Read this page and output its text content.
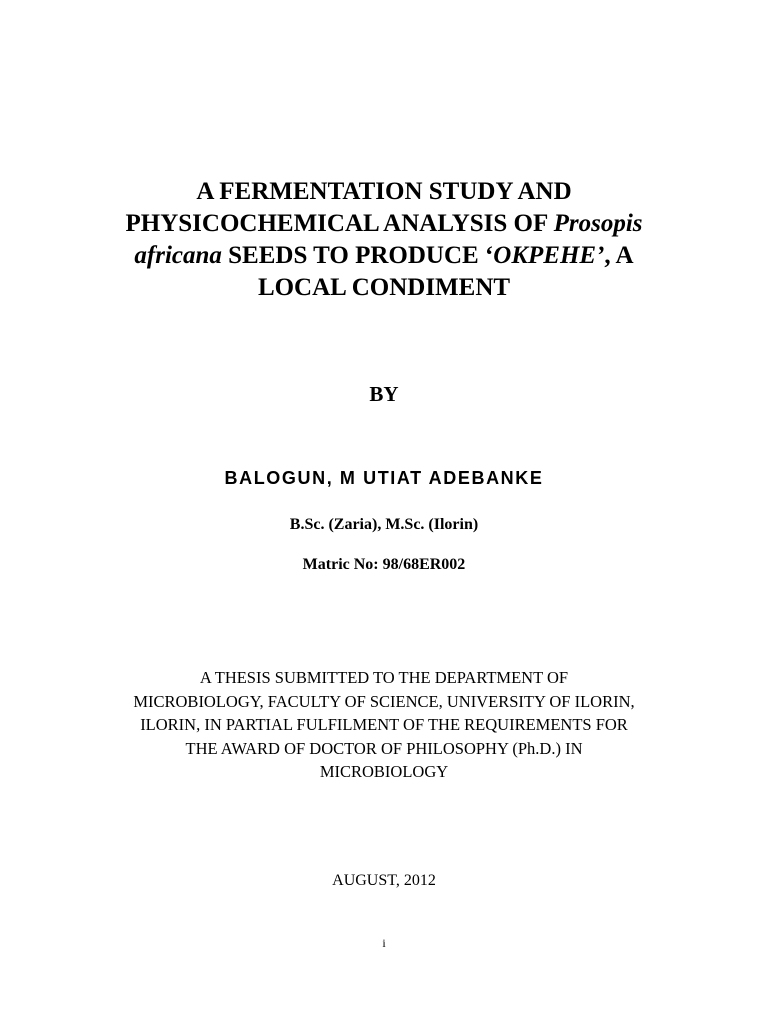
A FERMENTATION STUDY AND
PHYSICOCHEMICAL ANALYSIS OF Prosopis
africana SEEDS TO PRODUCE ‘OKPEHE’, A
LOCAL CONDIMENT
BY
BALOGUN, M UTIAT ADEBANKE
B.Sc. (Zaria), M.Sc. (Ilorin)
Matric No: 98/68ER002
A THESIS SUBMITTED TO THE DEPARTMENT OF
MICROBIOLOGY, FACULTY OF SCIENCE, UNIVERSITY OF ILORIN,
ILORIN, IN PARTIAL FULFILMENT OF THE REQUIREMENTS FOR
THE AWARD OF DOCTOR OF PHILOSOPHY (Ph.D.) IN
MICROBIOLOGY
AUGUST, 2012
i
